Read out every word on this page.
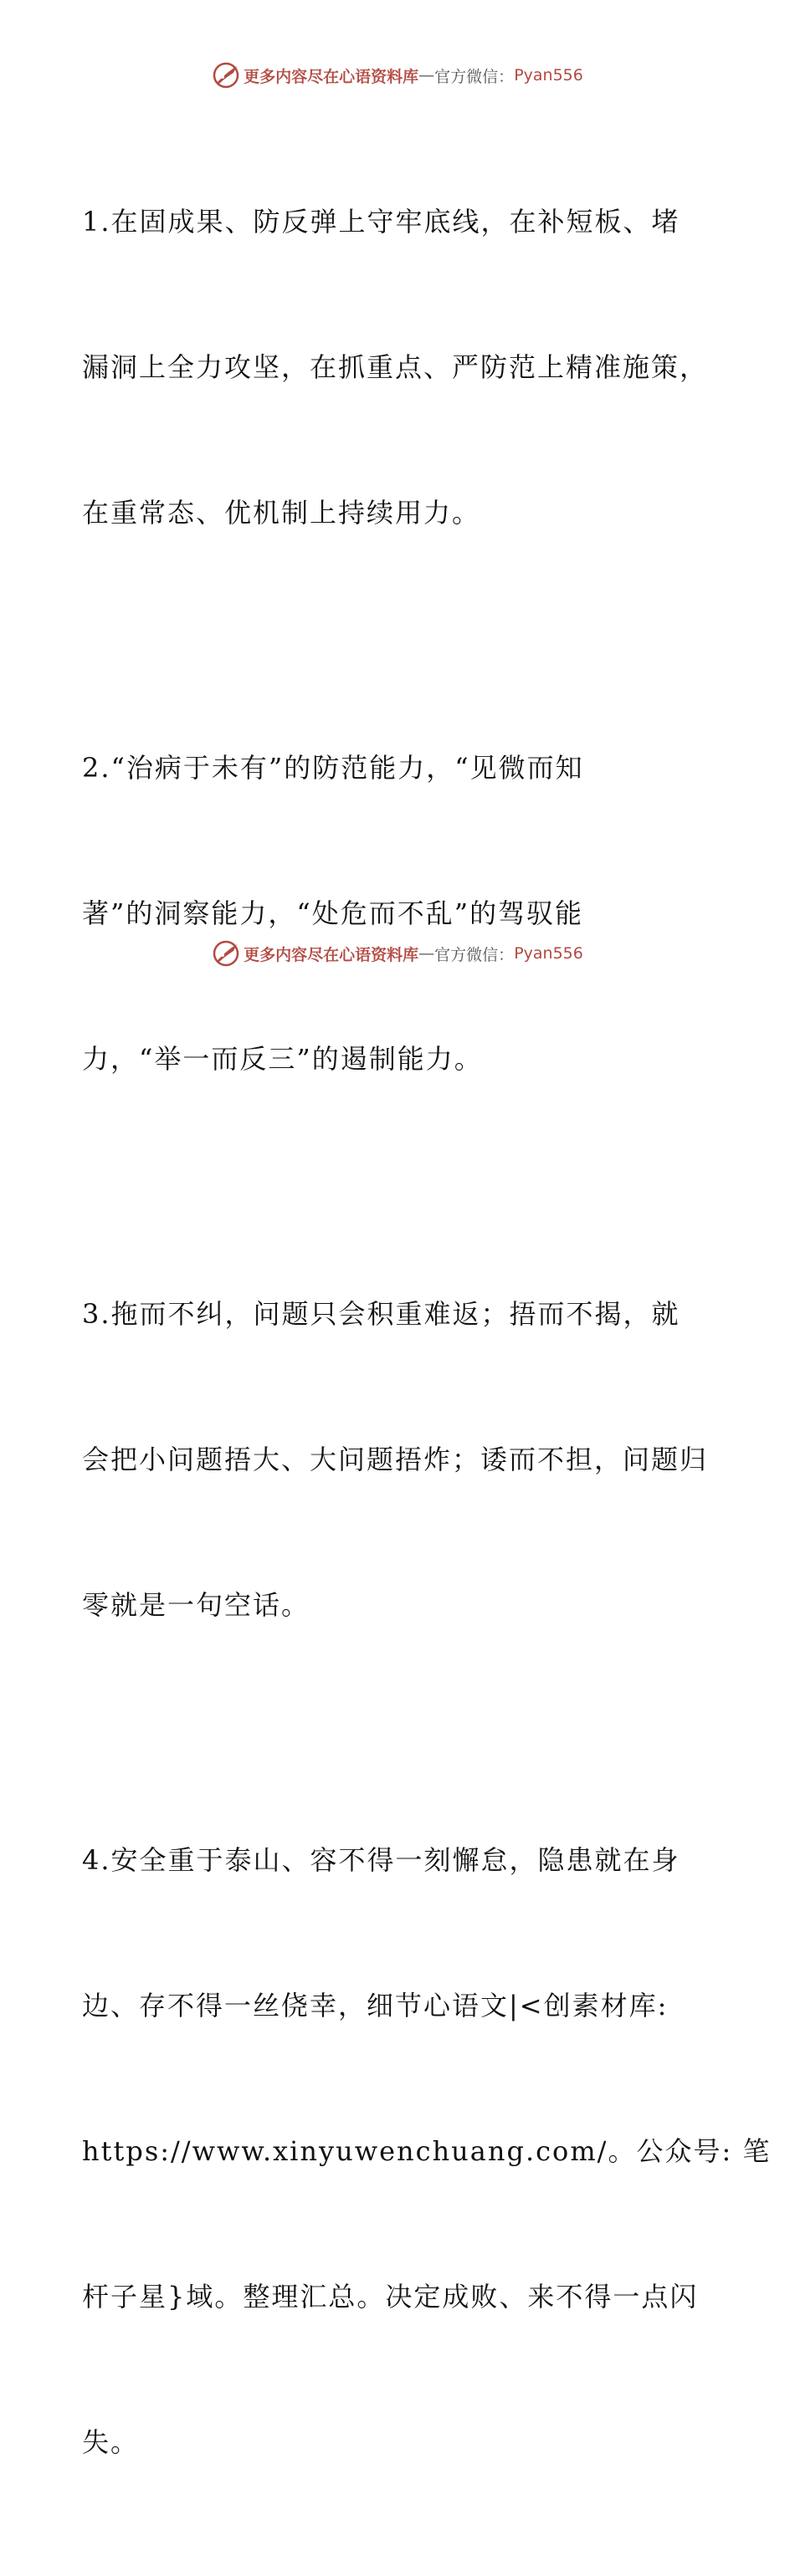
更多内容尽在心语资料库 — 官方微信： Pyan556

1.在固成果、防反弹上守牢底线，在补短板、堵

漏洞上全力攻坚，在抓重点、严防范上精准施策，

在重常态、优机制上持续用力。

2.“治病于未有”的防范能力，“见微而知

著”的洞察能力，“处危而不乱”的驾驭能

力，“举一而反三”的遏制能力。

3.拖而不纠，问题只会积重难返；捂而不揭，就

会把小问题捂大、大问题捂炸；诿而不担，问题归

零就是一句空话。

4.安全重于泰山、容不得一刻懈怠，隐患就在身

边、存不得一丝侥幸，细节心语文|<创素材库:

https://www.xinyuwenchuang.com/。公众号: 笔

杆子星}域。整理汇总。决定成败、来不得一点闪

失。

更多内容尽在心语资料库 — 官方微信： Pyan556
